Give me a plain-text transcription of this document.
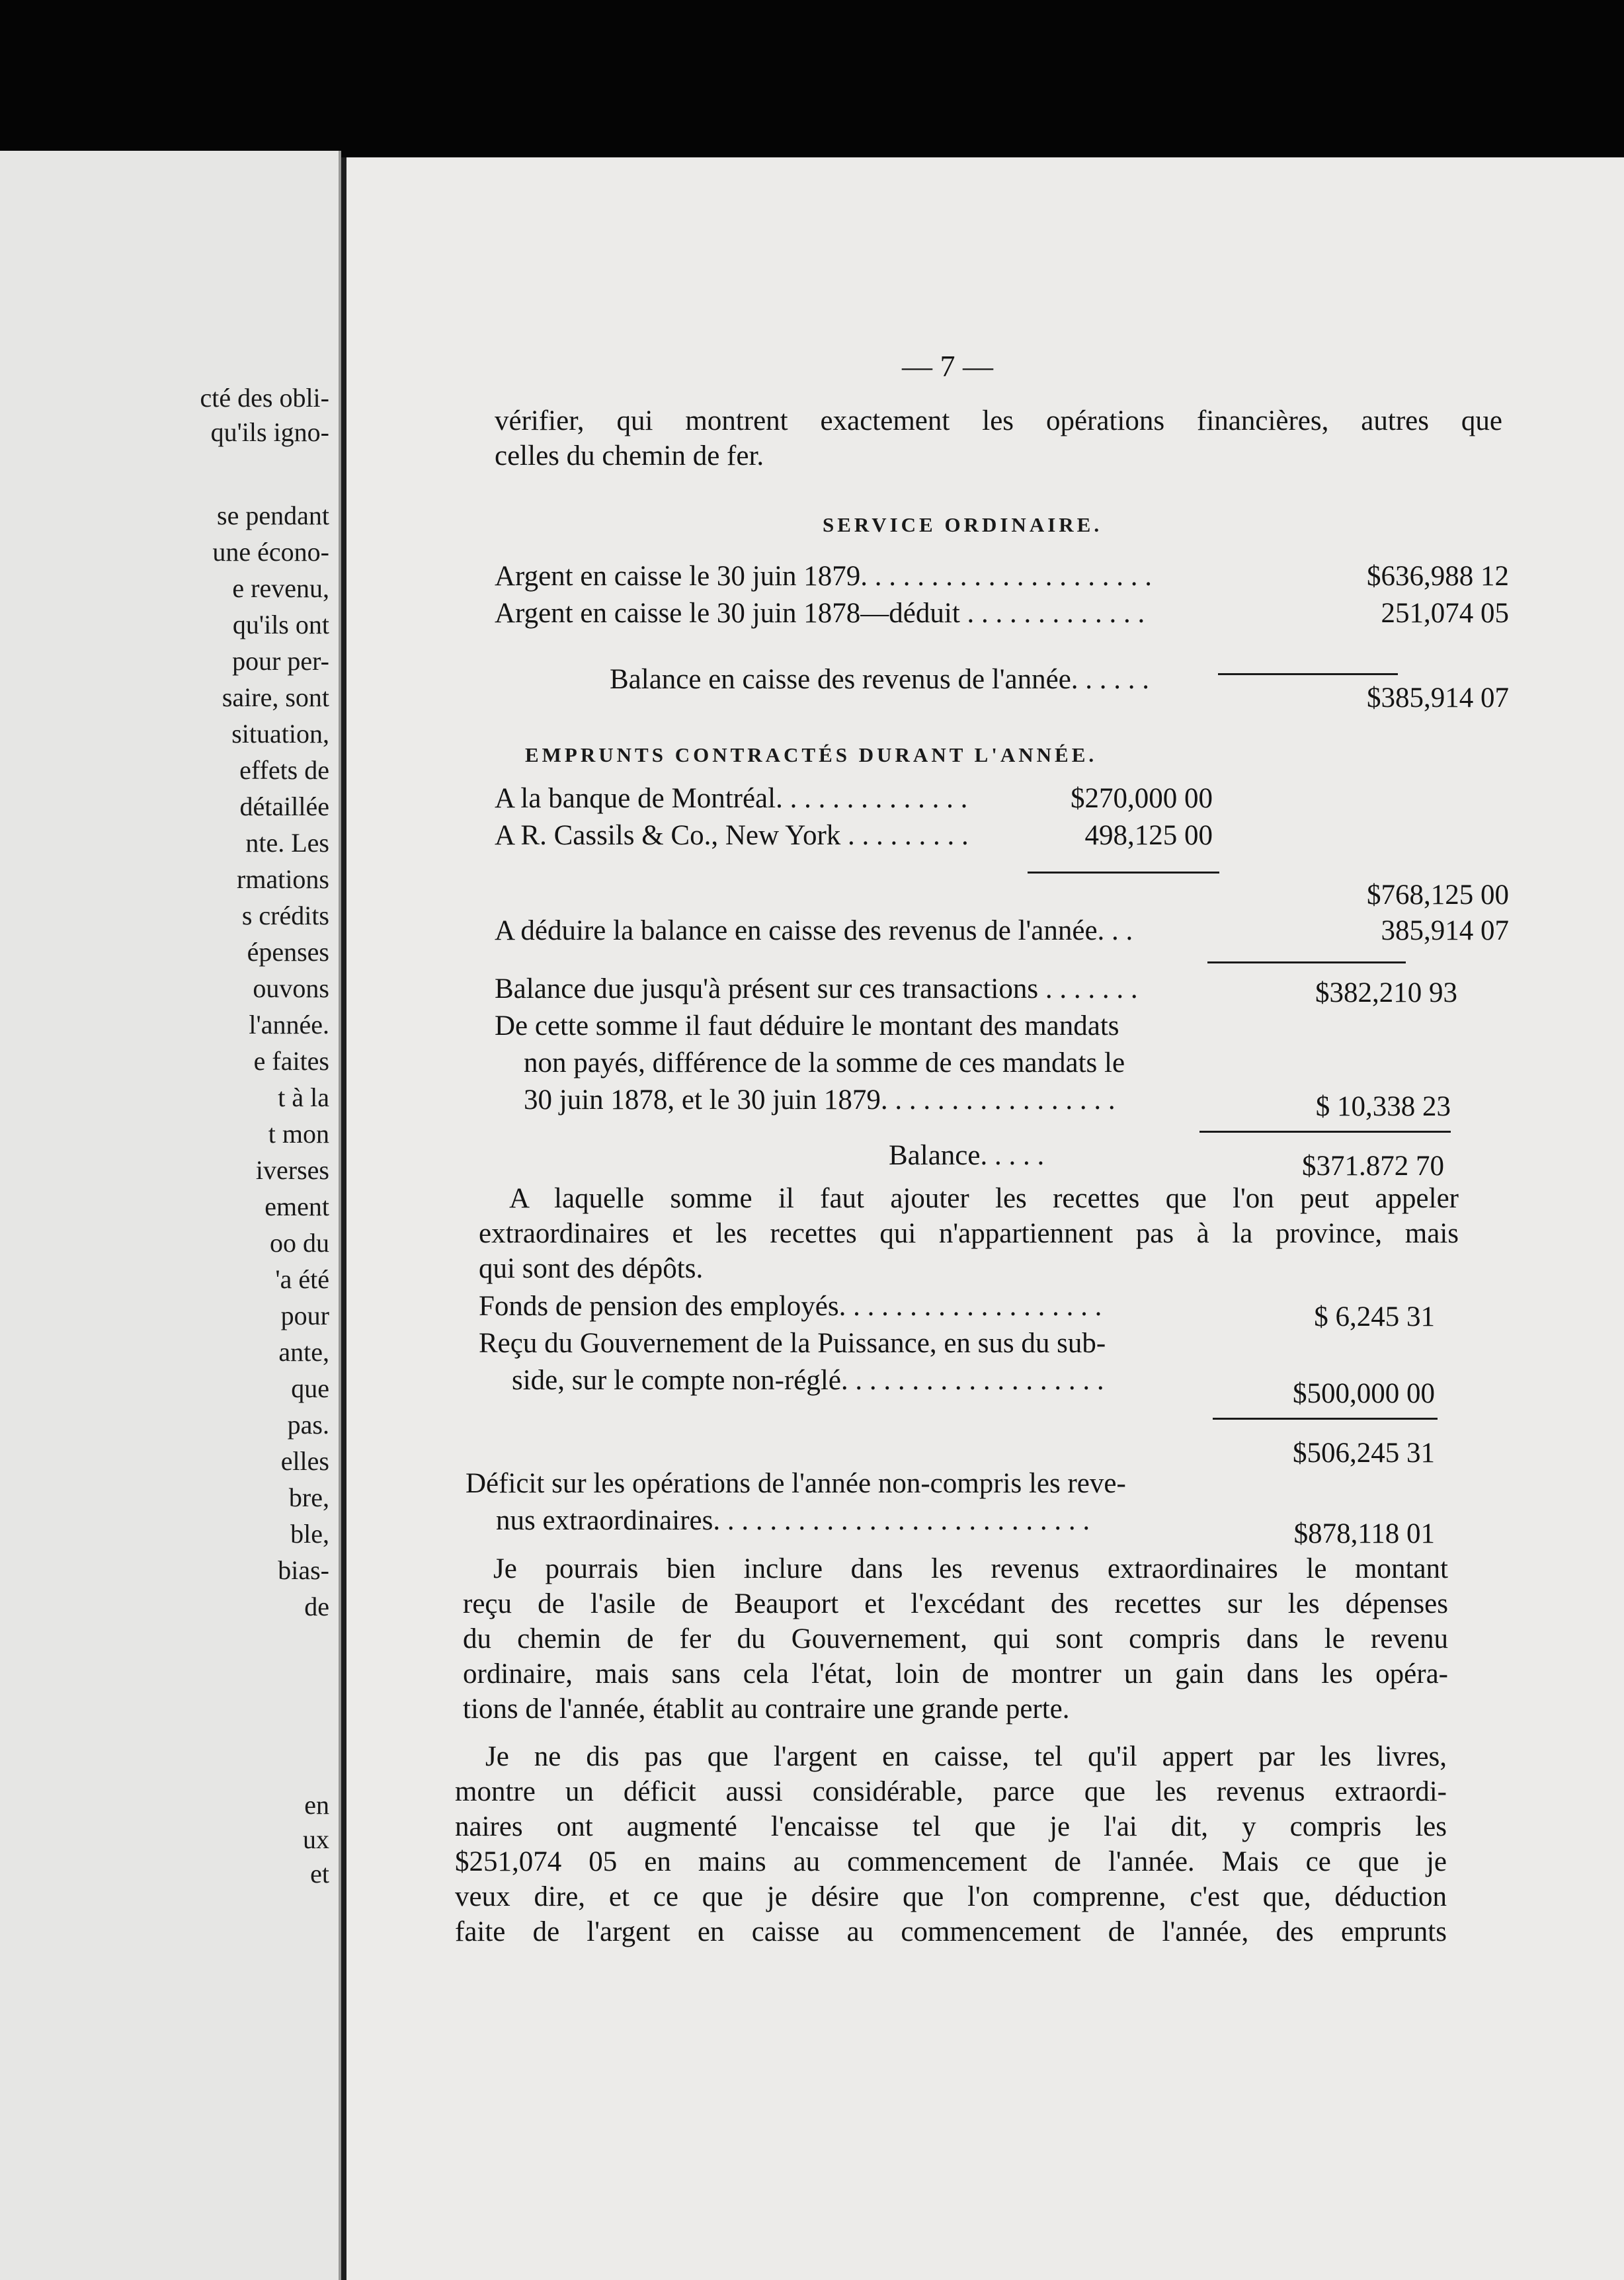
cté des obli-
qu'ils igno-
se pendant
une écono-
e revenu,
qu'ils ont
pour per-
saire, sont
situation,
effets de
détaillée
nte. Les
rmations
s crédits
épenses
ouvons
l'année.
e faites
t à la
t mon
iverses
ement
oo du
'a été
pour
ante,
que
pas.
elles
bre,
ble,
bias-
de
en
ux
et
— 7 —
vérifier, qui montrent exactement les opérations financières, autres que
celles du chemin de fer.
SERVICE ORDINAIRE.
Argent en caisse le 30 juin 1879. . . . . . . . . . . . . . . . . . . . .	$636,988 12
Argent en caisse le 30 juin 1878—déduit . . . . . . . . . . . . .	251,074 05
Balance en caisse des revenus de l'année. . . . . .
$385,914 07
EMPRUNTS CONTRACTÉS DURANT L'ANNÉE.
A la banque de Montréal. . . . . . . . . . . . . .	$270,000 00
A R. Cassils & Co., New York . . . . . . . . .	498,125 00
$768,125 00
A déduire la balance en caisse des revenus de l'année. . .	385,914 07
Balance due jusqu'à présent sur ces transactions . . . . . . .	$382,210 93
De cette somme il faut déduire le montant des mandats
non payés, différence de la somme de ces mandats le
30 juin 1878, et le 30 juin 1879. . . . . . . . . . . . . . . . .	$ 10,338 23
Balance. . . . .	$371.872 70
A laquelle somme il faut ajouter les recettes que l'on peut appeler
extraordinaires et les recettes qui n'appartiennent pas à la province, mais
qui sont des dépôts.
Fonds de pension des employés. . . . . . . . . . . . . . . . . . .	$ 6,245 31
Reçu du Gouvernement de la Puissance, en sus du sub-
side, sur le compte non-réglé. . . . . . . . . . . . . . . . . . .	$500,000 00
$506,245 31
Déficit sur les opérations de l'année non-compris les reve-
nus extraordinaires. . . . . . . . . . . . . . . . . . . . . . . . . . .	$878,118 01
Je pourrais bien inclure dans les revenus extraordinaires le montant
reçu de l'asile de Beauport et l'excédant des recettes sur les dépenses
du chemin de fer du Gouvernement, qui sont compris dans le revenu
ordinaire, mais sans cela l'état, loin de montrer un gain dans les opéra-
tions de l'année, établit au contraire une grande perte.
Je ne dis pas que l'argent en caisse, tel qu'il appert par les livres,
montre un déficit aussi considérable, parce que les revenus extraordi-
naires ont augmenté l'encaisse tel que je l'ai dit, y compris les
$251,074 05 en mains au commencement de l'année. Mais ce que je
veux dire, et ce que je désire que l'on comprenne, c'est que, déduction
faite de l'argent en caisse au commencement de l'année, des emprunts
